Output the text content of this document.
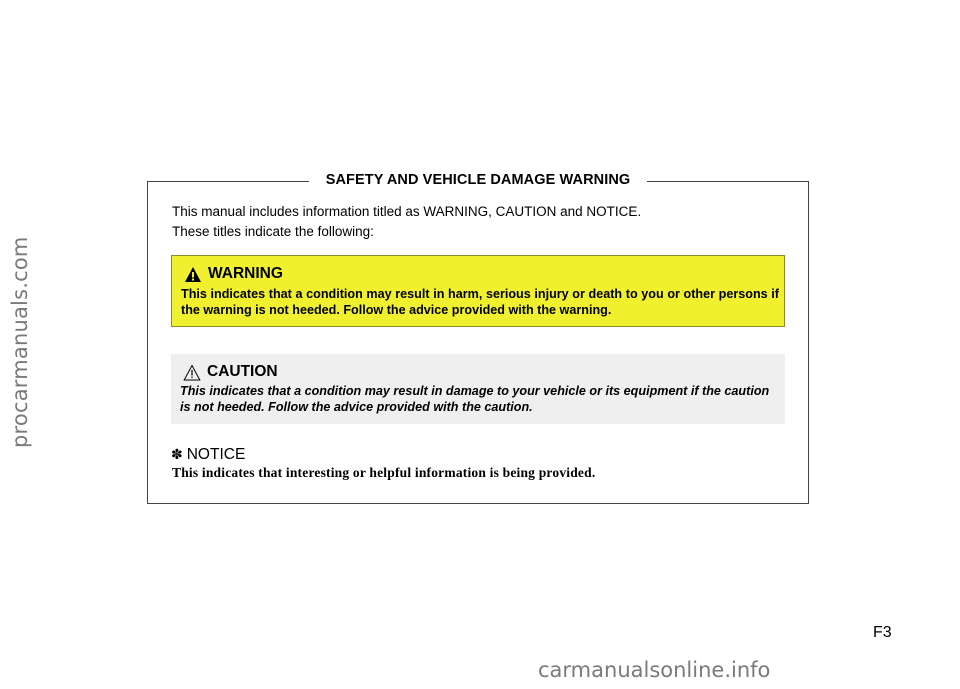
procarmanuals.com
SAFETY AND VEHICLE DAMAGE WARNING
This manual includes information titled as WARNING, CAUTION and NOTICE.
These titles indicate the following:
WARNING
This indicates that a condition may result in harm, serious injury or death to you or other persons if the warning is not heeded. Follow the advice provided with the warning.
CAUTION
This indicates that a condition may result in damage to your vehicle or its equipment if the caution is not heeded. Follow the advice provided with the caution.
✽ NOTICE
This indicates that interesting or helpful information is being provided.
F3
carmanualsonline.info
